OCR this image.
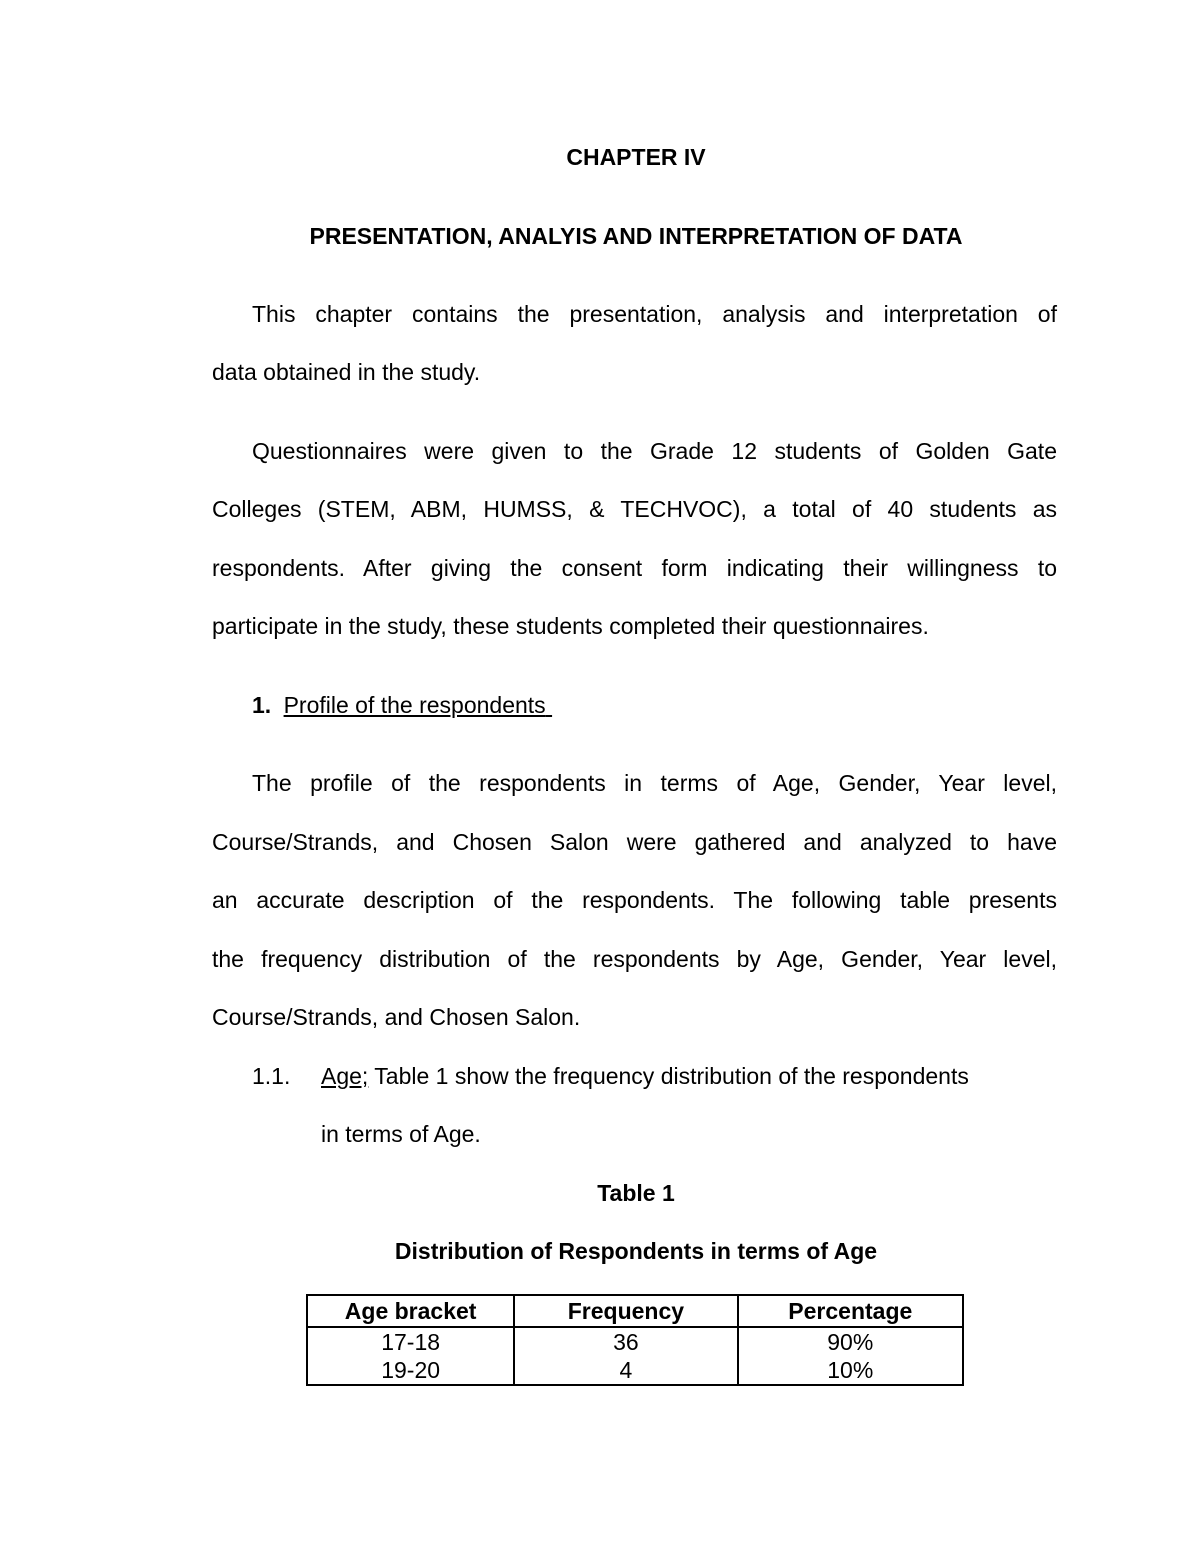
CHAPTER IV
PRESENTATION, ANALYIS AND INTERPRETATION OF DATA
This chapter contains the presentation, analysis and interpretation of
data obtained in the study.
Questionnaires were given to the Grade 12 students of Golden Gate
Colleges (STEM, ABM, HUMSS, & TECHVOC), a total of 40 students as
respondents. After giving the consent form indicating their willingness to
participate in the study, these students completed their questionnaires.
1. Profile of the respondents
The profile of the respondents in terms of Age, Gender, Year level,
Course/Strands, and Chosen Salon were gathered and analyzed to have
an accurate description of the respondents. The following table presents
the frequency distribution of the respondents by Age, Gender, Year level,
Course/Strands, and Chosen Salon.
1.1.	Age; Table 1 show the frequency distribution of the respondents
in terms of Age.
Table 1
Distribution of Respondents in terms of Age
Age bracket	Frequency	Percentage
17-18	36	90%
19-20	4	10%
